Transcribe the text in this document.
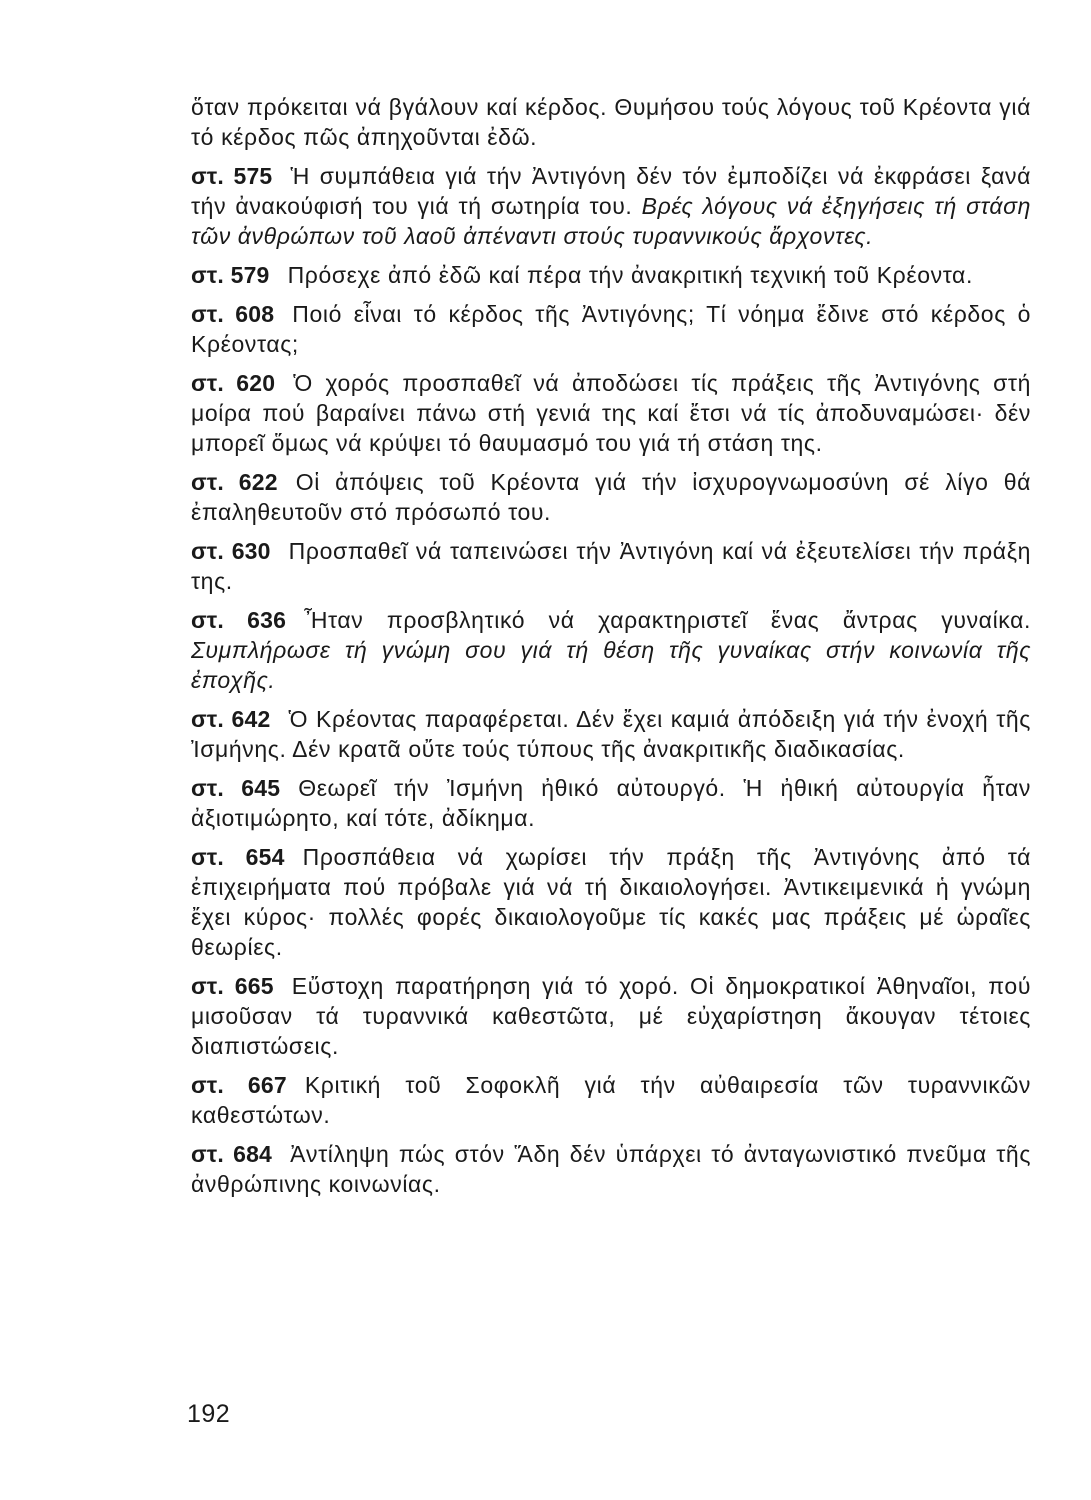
ὅταν πρόκειται νά βγάλουν καί κέρδος. Θυμήσου τούς λόγους τοῦ Κρέοντα γιά τό κέρδος πῶς ἀπηχοῦνται ἐδῶ.

στ. 575 Ἡ συμπάθεια γιά τήν Ἀντιγόνη δέν τόν ἐμποδίζει νά ἐκφράσει ξανά τήν ἀνακούφισή του γιά τή σωτηρία του. Βρές λόγους νά ἐξηγήσεις τή στάση τῶν ἀνθρώπων τοῦ λαοῦ ἀπέναντι στούς τυραννικούς ἄρχοντες.

στ. 579 Πρόσεχε ἀπό ἐδῶ καί πέρα τήν ἀνακριτική τεχνική τοῦ Κρέοντα.

στ. 608 Ποιό εἶναι τό κέρδος τῆς Ἀντιγόνης; Τί νόημα ἔδινε στό κέρδος ὁ Κρέοντας;

στ. 620 Ὁ χορός προσπαθεῖ νά ἀποδώσει τίς πράξεις τῆς Ἀντιγόνης στή μοίρα πού βαραίνει πάνω στή γενιά της καί ἔτσι νά τίς ἀποδυναμώσει· δέν μπορεῖ ὅμως νά κρύψει τό θαυμασμό του γιά τή στάση της.

στ. 622 Οἱ ἀπόψεις τοῦ Κρέοντα γιά τήν ἰσχυρογνωμοσύνη σέ λίγο θά ἐπαληθευτοῦν στό πρόσωπό του.

στ. 630 Προσπαθεῖ νά ταπεινώσει τήν Ἀντιγόνη καί νά ἐξευτελίσει τήν πράξη της.

στ. 636 Ἦταν προσβλητικό νά χαρακτηριστεῖ ἕνας ἄντρας γυναίκα. Συμπλήρωσε τή γνώμη σου γιά τή θέση τῆς γυναίκας στήν κοινωνία τῆς ἐποχῆς.

στ. 642 Ὁ Κρέοντας παραφέρεται. Δέν ἔχει καμιά ἀπόδειξη γιά τήν ἐνοχή τῆς Ἰσμήνης. Δέν κρατᾶ οὔτε τούς τύπους τῆς ἀνακριτικῆς διαδικασίας.

στ. 645 Θεωρεῖ τήν Ἰσμήνη ἠθικό αὐτουργό. Ἡ ἠθική αὐτουργία ἦταν ἀξιοτιμώρητο, καί τότε, ἀδίκημα.

στ. 654 Προσπάθεια νά χωρίσει τήν πράξη τῆς Ἀντιγόνης ἀπό τά ἐπιχειρήματα πού πρόβαλε γιά νά τή δικαιολογήσει. Ἀντικειμενικά ἡ γνώμη ἔχει κύρος· πολλές φορές δικαιολογοῦμε τίς κακές μας πράξεις μέ ὡραῖες θεωρίες.

στ. 665 Εὔστοχη παρατήρηση γιά τό χορό. Οἱ δημοκρατικοί Ἀθηναῖοι, πού μισοῦσαν τά τυραννικά καθεστῶτα, μέ εὐχαρίστηση ἄκουγαν τέτοιες διαπιστώσεις.

στ. 667 Κριτική τοῦ Σοφοκλῆ γιά τήν αὐθαιρεσία τῶν τυραννικῶν καθεστώτων.

στ. 684 Ἀντίληψη πώς στόν Ἅδη δέν ὑπάρχει τό ἀνταγωνιστικό πνεῦμα τῆς ἀνθρώπινης κοινωνίας.

192
